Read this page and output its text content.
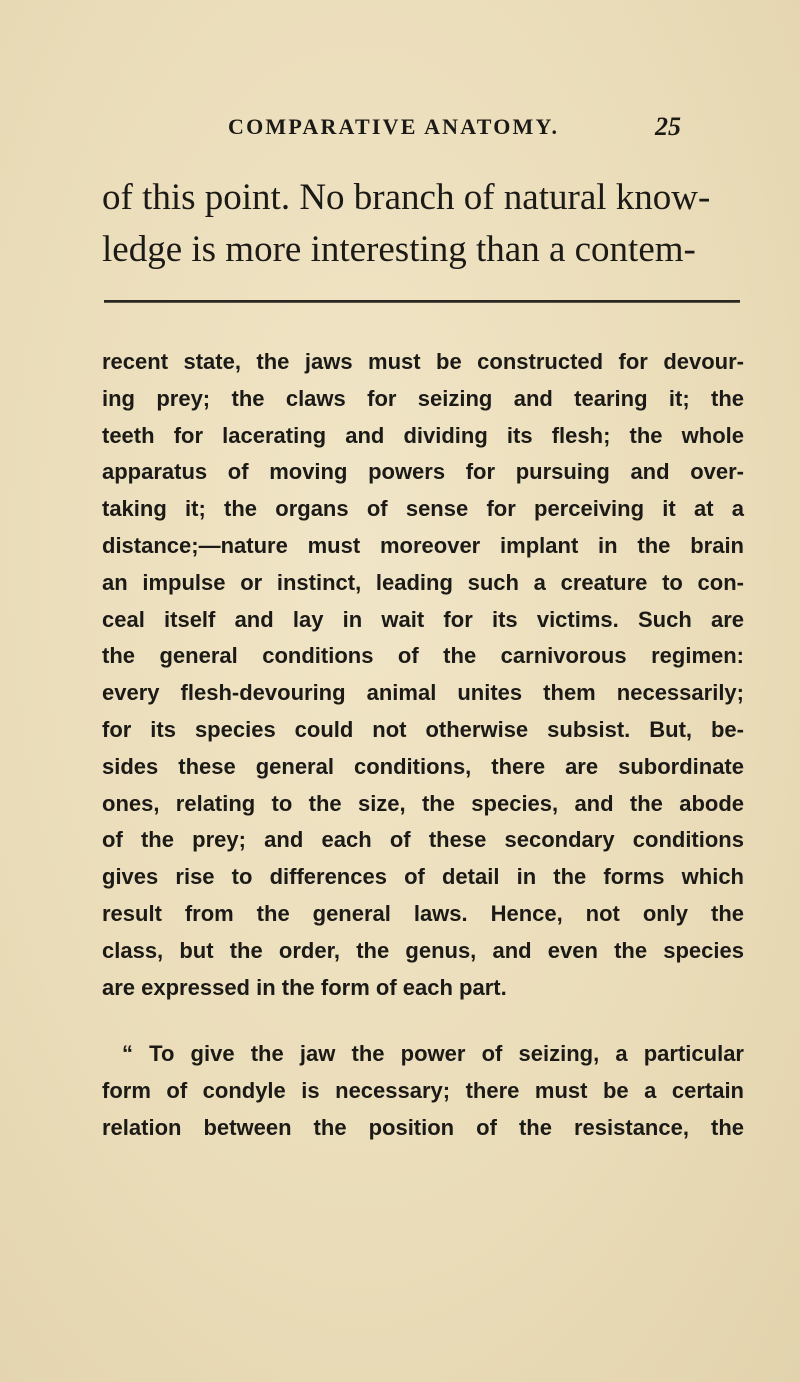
COMPARATIVE ANATOMY.	25
of this point. No branch of natural know-
ledge is more interesting than a contem-
recent state, the jaws must be constructed for devour-
ing prey; the claws for seizing and tearing it; the
teeth for lacerating and dividing its flesh; the whole
apparatus of moving powers for pursuing and over-
taking it; the organs of sense for perceiving it at a
distance;—nature must moreover implant in the brain
an impulse or instinct, leading such a creature to con-
ceal itself and lay in wait for its victims. Such are
the general conditions of the carnivorous regimen:
every flesh-devouring animal unites them necessarily;
for its species could not otherwise subsist. But, be-
sides these general conditions, there are subordinate
ones, relating to the size, the species, and the abode
of the prey; and each of these secondary conditions
gives rise to differences of detail in the forms which
result from the general laws. Hence, not only the
class, but the order, the genus, and even the species
are expressed in the form of each part.
“ To give the jaw the power of seizing, a particular
form of condyle is necessary; there must be a certain
relation between the position of the resistance, the
